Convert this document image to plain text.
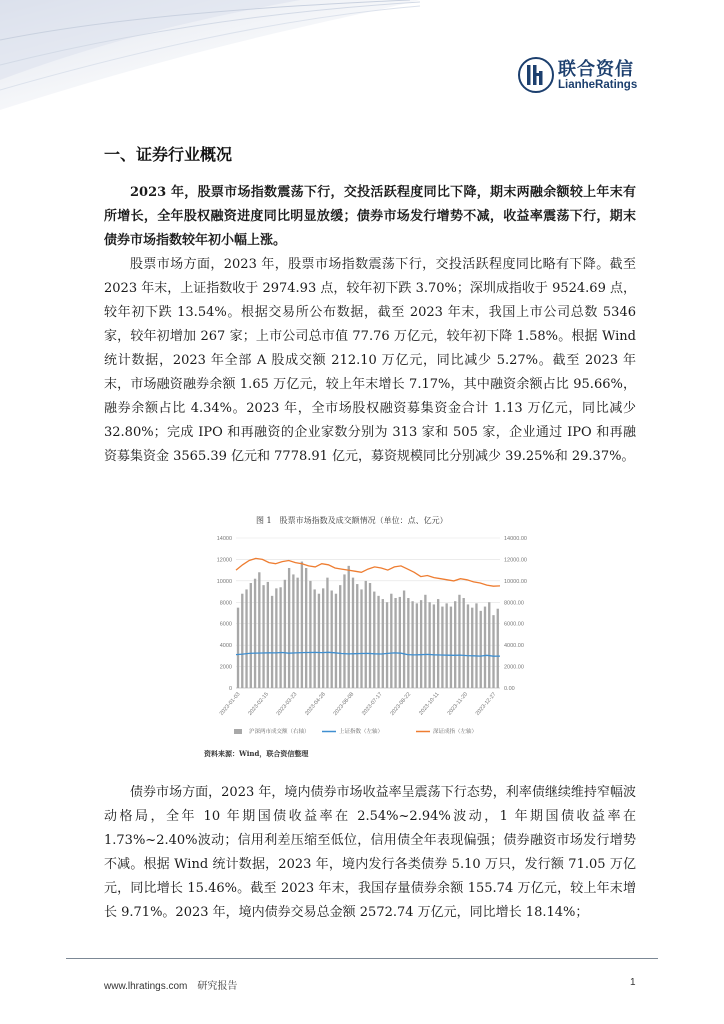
联合资信
LianheRatings
一、证券行业概况

2023 年，股票市场指数震荡下行，交投活跃程度同比下降，期末两融余额较上年末有所增长，全年股权融资进度同比明显放缓；债券市场发行增势不减，收益率震荡下行，期末债券市场指数较年初小幅上涨。

股票市场方面，2023 年，股票市场指数震荡下行，交投活跃程度同比略有下降。截至 2023 年末，上证指数收于 2974.93 点，较年初下跌 3.70%；深圳成指收于 9524.69 点，较年初下跌 13.54%。根据交易所公布数据，截至 2023 年末，我国上市公司总数 5346 家，较年初增加 267 家；上市公司总市值 77.76 万亿元，较年初下降 1.58%。根据 Wind 统计数据，2023 年全部 A 股成交额 212.10 万亿元，同比减少 5.27%。截至 2023 年末，市场融资融券余额 1.65 万亿元，较上年末增长 7.17%，其中融资余额占比 95.66%，融券余额占比 4.34%。2023 年，全市场股权融资募集资金合计 1.13 万亿元，同比减少 32.80%；完成 IPO 和再融资的企业家数分别为 313 家和 505 家，企业通过 IPO 和再融资募集资金 3565.39 亿元和 7778.91 亿元，募资规模同比分别减少 39.25%和 29.37%。

图 1　股票市场指数及成交额情况（单位：点、亿元）
0
2000
4000
6000
8000
10000
12000
14000
0.00
2000.00
4000.00
6000.00
8000.00
10000.00
12000.00
14000.00
2023-01-03 2023-02-15 2023-03-23 2023-04-28 2023-06-08 2023-07-17 2023-08-22 2023-10-11 2023-11-20 2023-12-27
沪深两市成交额（右轴）	上证指数（左轴）	深证成指（左轴）
资料来源：Wind，联合资信整理

债券市场方面，2023 年，境内债券市场收益率呈震荡下行态势，利率债继续维持窄幅波动格局，全年 10 年期国债收益率在 2.54%~2.94%波动，1 年期国债收益率在 1.73%~2.40%波动；信用利差压缩至低位，信用债全年表现偏强；债券融资市场发行增势不减。根据 Wind 统计数据，2023 年，境内发行各类债券 5.10 万只，发行额 71.05 万亿元，同比增长 15.46%。截至 2023 年末，我国存量债券余额 155.74 万亿元，较上年末增长 9.71%。2023 年，境内债券交易总金额 2572.74 万亿元，同比增长 18.14%；

www.lhratings.com 研究报告	1
